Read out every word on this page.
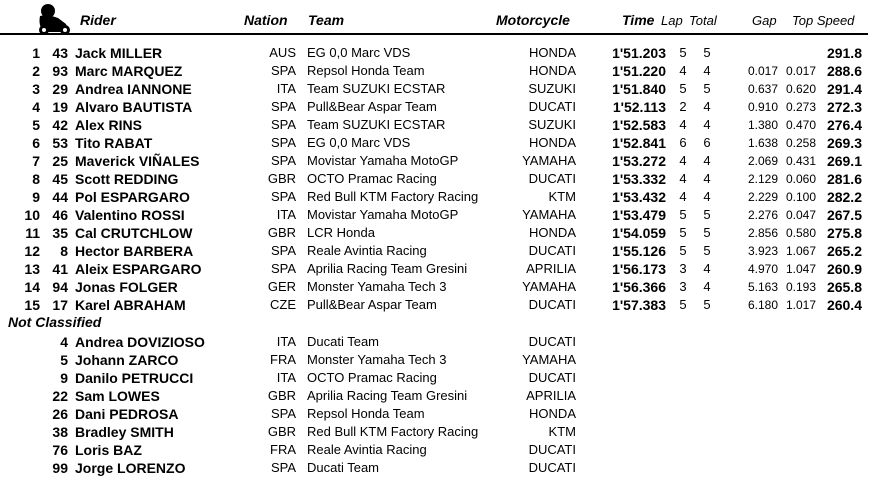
Rider	Nation Team	Motorcycle	Time Lap Total	Gap Top Speed
1 43 Jack MILLER	AUS EG 0,0 Marc VDS	HONDA	1'51.203 5 5	291.8
2 93 Marc MARQUEZ	SPA Repsol Honda Team	HONDA	1'51.220 4 4	0.017 0.017 288.6
3 29 Andrea IANNONE	ITA Team SUZUKI ECSTAR	SUZUKI	1'51.840 5 5	0.637 0.620 291.4
4 19 Alvaro BAUTISTA	SPA Pull&Bear Aspar Team	DUCATI	1'52.113 2 4	0.910 0.273 272.3
5 42 Alex RINS	SPA Team SUZUKI ECSTAR	SUZUKI	1'52.583 4 4	1.380 0.470 276.4
6 53 Tito RABAT	SPA EG 0,0 Marc VDS	HONDA	1'52.841 6 6	1.638 0.258 269.3
7 25 Maverick VIÑALES	SPA Movistar Yamaha MotoGP	YAMAHA	1'53.272 4 4	2.069 0.431 269.1
8 45 Scott REDDING	GBR OCTO Pramac Racing	DUCATI	1'53.332 4 4	2.129 0.060 281.6
9 44 Pol ESPARGARO	SPA Red Bull KTM Factory Racing	KTM	1'53.432 4 4	2.229 0.100 282.2
10 46 Valentino ROSSI	ITA Movistar Yamaha MotoGP	YAMAHA	1'53.479 5 5	2.276 0.047 267.5
11 35 Cal CRUTCHLOW	GBR LCR Honda	HONDA	1'54.059 5 5	2.856 0.580 275.8
12	8 Hector BARBERA	SPA Reale Avintia Racing	DUCATI	1'55.126 5 5	3.923 1.067 265.2
13 41 Aleix ESPARGARO	SPA Aprilia Racing Team Gresini	APRILIA	1'56.173 3 4	4.970 1.047 260.9
14 94 Jonas FOLGER	GER Monster Yamaha Tech 3	YAMAHA	1'56.366 3 4	5.163 0.193 265.8
15 17 Karel ABRAHAM	CZE Pull&Bear Aspar Team	DUCATI	1'57.383 5 5	6.180 1.017 260.4
Not Classified
4 Andrea DOVIZIOSO	ITA Ducati Team	DUCATI
5 Johann ZARCO	FRA Monster Yamaha Tech 3	YAMAHA
9 Danilo PETRUCCI	ITA OCTO Pramac Racing	DUCATI
22 Sam LOWES	GBR Aprilia Racing Team Gresini	APRILIA
26 Dani PEDROSA	SPA Repsol Honda Team	HONDA
38 Bradley SMITH	GBR Red Bull KTM Factory Racing	KTM
76 Loris BAZ	FRA Reale Avintia Racing	DUCATI
99 Jorge LORENZO	SPA Ducati Team	DUCATI
